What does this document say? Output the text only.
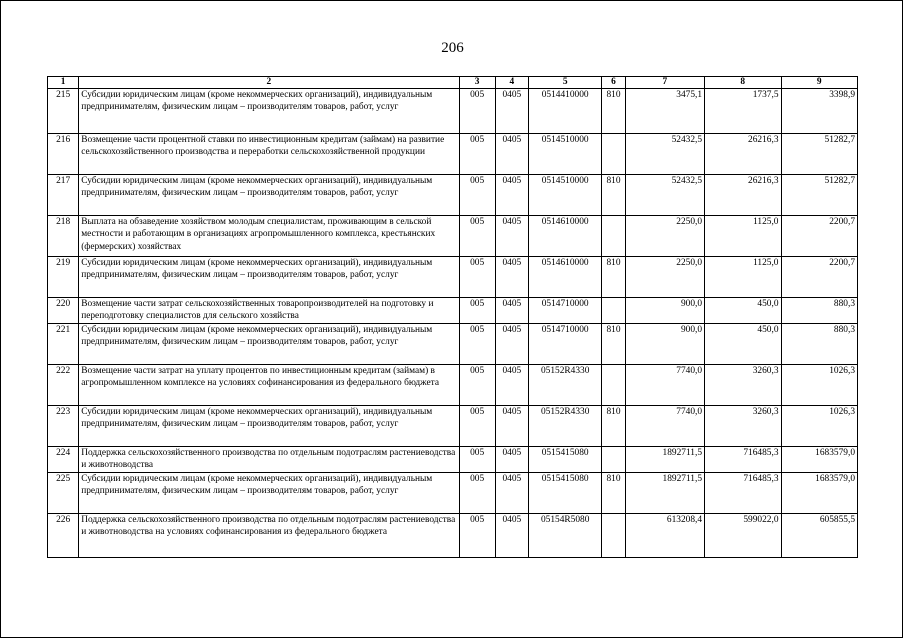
206
1	2	3	4	5	6	7	8	9
215	Субсидии юридическим лицам (кроме некоммерческих организаций), индивидуальным предпринимателям, физическим лицам – производителям товаров, работ, услуг	005	0405	0514410000	810	3475,1	1737,5	3398,9
216	Возмещение части процентной ставки по инвестиционным кредитам (займам) на развитие сельскохозяйственного производства и переработки сельскохозяйственной продукции	005	0405	0514510000		52432,5	26216,3	51282,7
217	Субсидии юридическим лицам (кроме некоммерческих организаций), индивидуальным предпринимателям, физическим лицам – производителям товаров, работ, услуг	005	0405	0514510000	810	52432,5	26216,3	51282,7
218	Выплата на обзаведение хозяйством молодым специалистам, проживающим в сельской местности и работающим в организациях агропромышленного комплекса, крестьянских (фермерских) хозяйствах	005	0405	0514610000		2250,0	1125,0	2200,7
219	Субсидии юридическим лицам (кроме некоммерческих организаций), индивидуальным предпринимателям, физическим лицам – производителям товаров, работ, услуг	005	0405	0514610000	810	2250,0	1125,0	2200,7
220	Возмещение части затрат сельскохозяйственных товаропроизводителей на подготовку и переподготовку специалистов для сельского хозяйства	005	0405	0514710000		900,0	450,0	880,3
221	Субсидии юридическим лицам (кроме некоммерческих организаций), индивидуальным предпринимателям, физическим лицам – производителям товаров, работ, услуг	005	0405	0514710000	810	900,0	450,0	880,3
222	Возмещение части затрат на уплату процентов по инвестиционным кредитам (займам) в агропромышленном комплексе на условиях софинансирования из федерального бюджета	005	0405	05152R4330		7740,0	3260,3	1026,3
223	Субсидии юридическим лицам (кроме некоммерческих организаций), индивидуальным предпринимателям, физическим лицам – производителям товаров, работ, услуг	005	0405	05152R4330	810	7740,0	3260,3	1026,3
224	Поддержка сельскохозяйственного производства по отдельным подотраслям растениеводства и животноводства	005	0405	0515415080		1892711,5	716485,3	1683579,0
225	Субсидии юридическим лицам (кроме некоммерческих организаций), индивидуальным предпринимателям, физическим лицам – производителям товаров, работ, услуг	005	0405	0515415080	810	1892711,5	716485,3	1683579,0
226	Поддержка сельскохозяйственного производства по отдельным подотраслям растениеводства и животноводства на условиях софинансирования из федерального бюджета	005	0405	05154R5080		613208,4	599022,0	605855,5
